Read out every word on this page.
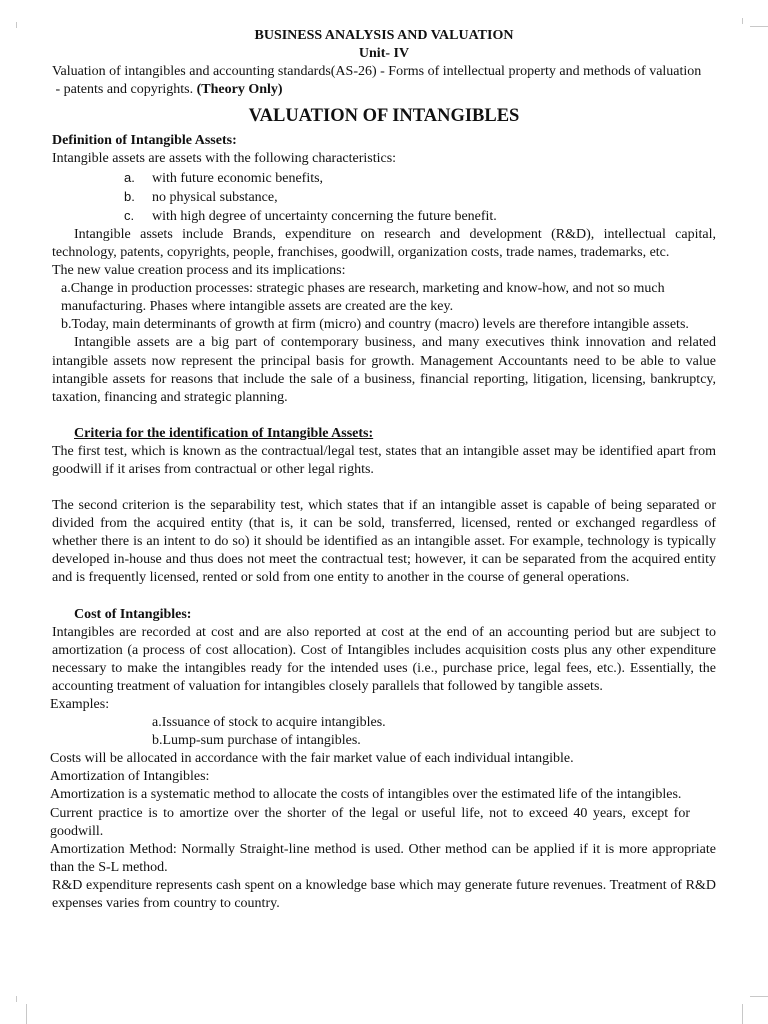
BUSINESS ANALYSIS AND VALUATION

Unit- IV

Valuation of intangibles and accounting standards(AS-26) - Forms of intellectual property and methods of valuation

- patents and copyrights. (Theory Only)

VALUATION OF INTANGIBLES

Definition of Intangible Assets:

Intangible assets are assets with the following characteristics:

a. with future economic benefits,
b. no physical substance,
c. with high degree of uncertainty concerning the future benefit.

Intangible assets include Brands, expenditure on research and development (R&D), intellectual capital, technology, patents, copyrights, people, franchises, goodwill, organization costs, trade names, trademarks, etc.

The new value creation process and its implications:

a.Change in production processes: strategic phases are research, marketing and know-how, and not so much manufacturing. Phases where intangible assets are created are the key.

b.Today, main determinants of growth at firm (micro) and country (macro) levels are therefore intangible assets.

Intangible assets are a big part of contemporary business, and many executives think innovation and related intangible assets now represent the principal basis for growth. Management Accountants need to be able to value intangible assets for reasons that include the sale of a business, financial reporting, litigation, licensing, bankruptcy, taxation, financing and strategic planning.

Criteria for the identification of Intangible Assets:

The first test, which is known as the contractual/legal test, states that an intangible asset may be identified apart from goodwill if it arises from contractual or other legal rights.

The second criterion is the separability test, which states that if an intangible asset is capable of being separated or divided from the acquired entity (that is, it can be sold, transferred, licensed, rented or exchanged regardless of whether there is an intent to do so) it should be identified as an intangible asset. For example, technology is typically developed in-house and thus does not meet the contractual test; however, it can be separated from the acquired entity and is frequently licensed, rented or sold from one entity to another in the course of general operations.

Cost of Intangibles:

Intangibles are recorded at cost and are also reported at cost at the end of an accounting period but are subject to amortization (a process of cost allocation). Cost of Intangibles includes acquisition costs plus any other expenditure necessary to make the intangibles ready for the intended uses (i.e., purchase price, legal fees, etc.). Essentially, the accounting treatment of valuation for intangibles closely parallels that followed by tangible assets.

Examples:

a.Issuance of stock to acquire intangibles.

b.Lump-sum purchase of intangibles.

Costs will be allocated in accordance with the fair market value of each individual intangible.

Amortization of Intangibles:

Amortization is a systematic method to allocate the costs of intangibles over the estimated life of the intangibles.

Current practice is to amortize over the shorter of the legal or useful life, not to exceed 40 years, except for goodwill.

Amortization Method: Normally Straight-line method is used. Other method can be applied if it is more appropriate than the S-L method.

R&D expenditure represents cash spent on a knowledge base which may generate future revenues. Treatment of R&D expenses varies from country to country.
